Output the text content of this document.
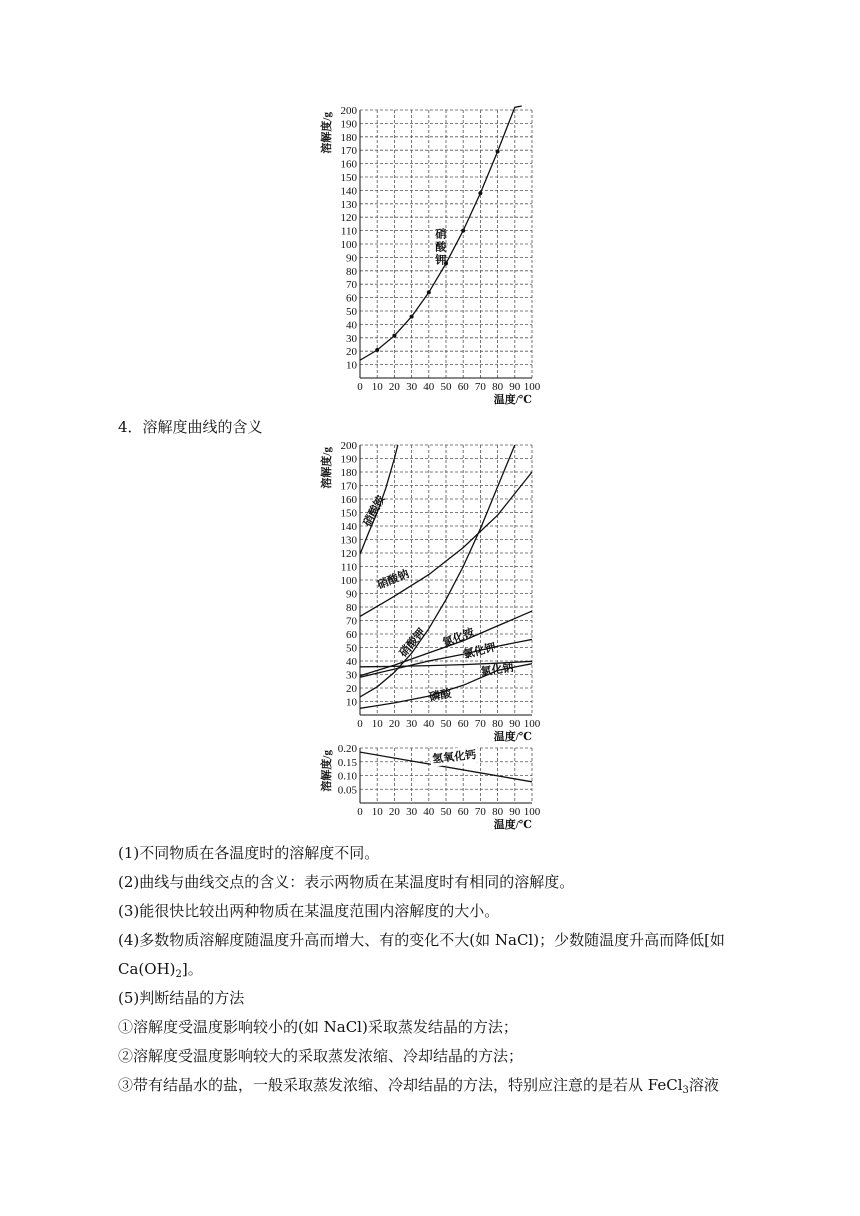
0 10 20 30 40 50 60 70 80 90 100
10
20
30
40
50
60
70
80
90
100
110
120
130
140
150
160
170
180
190
200
温度/℃
溶解度/g
硝
酸
钾
4．溶解度曲线的含义
0 10 20 30 40 50 60 70 80 90 100
10
20
30
40
50
60
70
80
90
100
110
120
130
140
150
160
170
180
190
200
温度/℃
溶解度/g
硝酸铵
硝酸钠
硝酸钾 氯化铵
氯化钾
氯化钠
磷酸
0 10 20 30 40 50 60 70 80 90 100
0.05
0.10
0.15
0.20
温度/℃
溶解度/g	氢氧化钙

(1)不同物质在各温度时的溶解度不同。

(2)曲线与曲线交点的含义：表示两物质在某温度时有相同的溶解度。

(3)能很快比较出两种物质在某温度范围内溶解度的大小。

(4)多数物质溶解度随温度升高而增大、有的变化不大(如 NaCl)；少数随温度升高而降低[如 $Ca(OH)_2$]。

(5)判断结晶的方法

①溶解度受温度影响较小的(如 NaCl)采取蒸发结晶的方法；

②溶解度受温度影响较大的采取蒸发浓缩、冷却结晶的方法；

③带有结晶水的盐，一般采取蒸发浓缩、冷却结晶的方法，特别应注意的是若从 FeCl$_3$溶液
